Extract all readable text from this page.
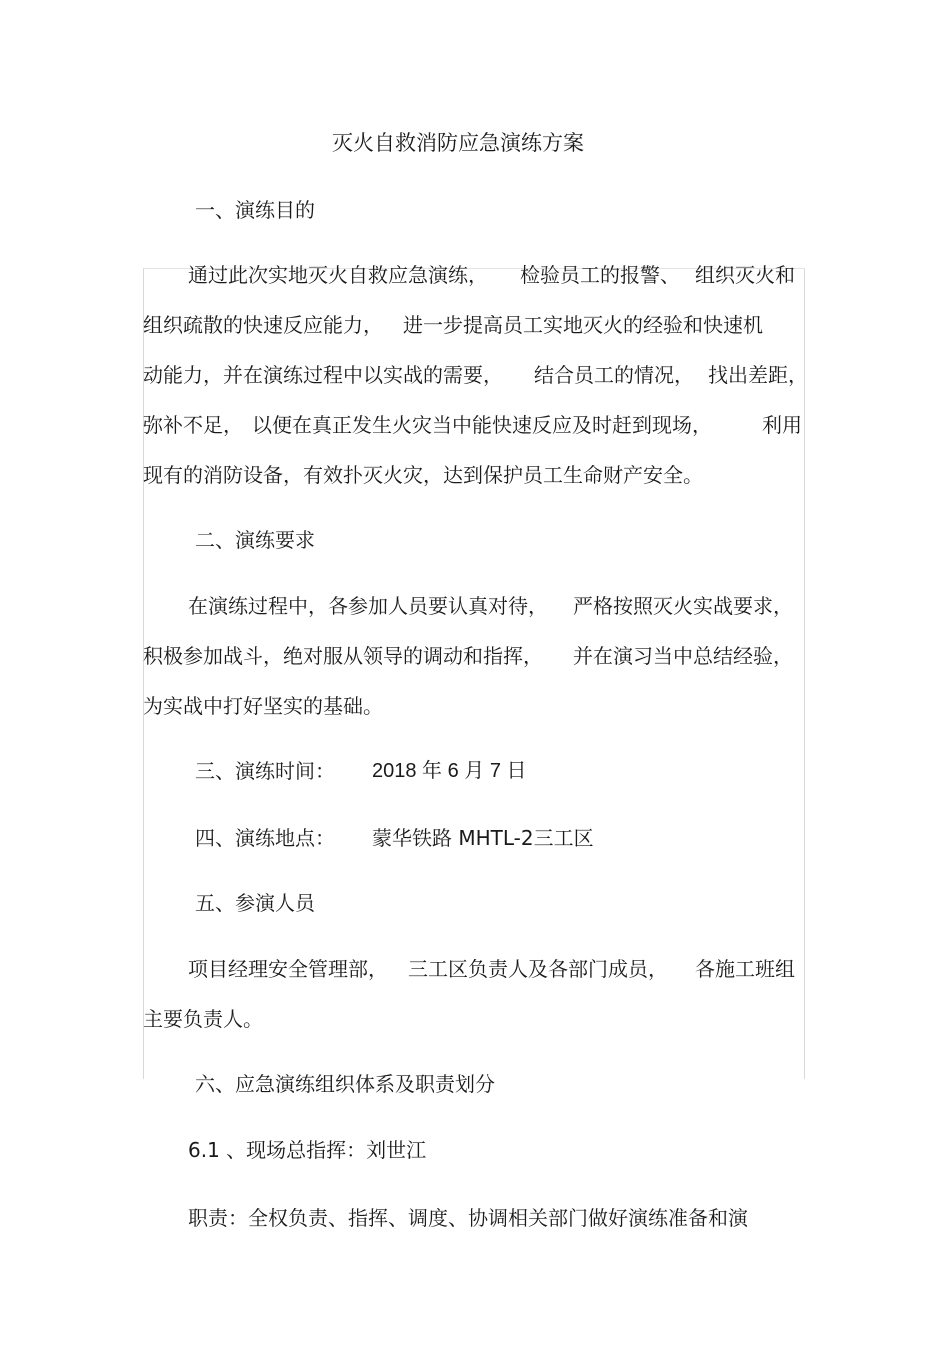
灭火自救消防应急演练方案
一、演练目的
通过此次实地灭火自救应急演练， 检验员工的报警、 组织灭火和
组织疏散的快速反应能力， 进一步提高员工实地灭火的经验和快速机
动能力，并在演练过程中以实战的需要， 结合员工的情况， 找出差距，
弥补不足， 以便在真正发生火灾当中能快速反应及时赶到现场，	利用
现有的消防设备，有效扑灭火灾，达到保护员工生命财产安全。
二、演练要求
在演练过程中，各参加人员要认真对待， 严格按照灭火实战要求，
积极参加战斗，绝对服从领导的调动和指挥， 并在演习当中总结经验，
为实战中打好坚实的基础。
三、演练时间： 2018 年 6 月 7 日
四、演练地点： 蒙华铁路 MHTL-2三工区
五、参演人员
项目经理安全管理部， 三工区负责人及各部门成员， 各施工班组
主要负责人。
六、应急演练组织体系及职责划分
6.1 、现场总指挥：刘世江
职责：全权负责、指挥、调度、协调相关部门做好演练准备和演
